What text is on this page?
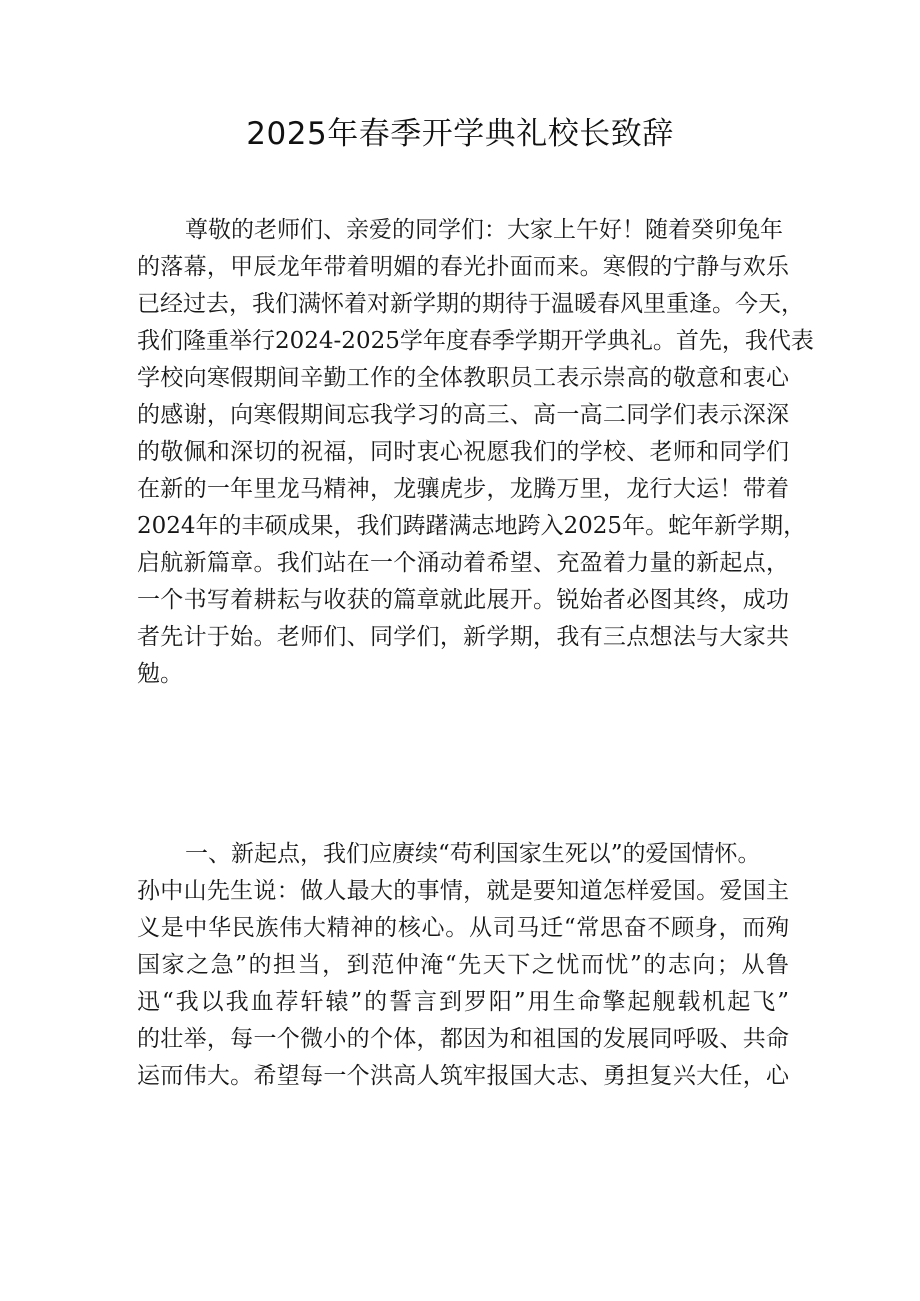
2025年春季开学典礼校长致辞
尊敬的老师们、亲爱的同学们：大家上午好！随着癸卯兔年
的落幕，甲辰龙年带着明媚的春光扑面而来。寒假的宁静与欢乐
已经过去，我们满怀着对新学期的期待于温暖春风里重逢。今天，
我们隆重举行2024-2025学年度春季学期开学典礼。首先，我代表
学校向寒假期间辛勤工作的全体教职员工表示崇高的敬意和衷心
的感谢，向寒假期间忘我学习的高三、高一高二同学们表示深深
的敬佩和深切的祝福，同时衷心祝愿我们的学校、老师和同学们
在新的一年里龙马精神，龙骧虎步，龙腾万里，龙行大运！带着
2024年的丰硕成果，我们踌躇满志地跨入2025年。蛇年新学期，
启航新篇章。我们站在一个涌动着希望、充盈着力量的新起点，
一个书写着耕耘与收获的篇章就此展开。锐始者必图其终，成功
者先计于始。老师们、同学们，新学期，我有三点想法与大家共
勉。
一、新起点，我们应赓续“苟利国家生死以”的爱国情怀。
孙中山先生说：做人最大的事情，就是要知道怎样爱国。爱国主
义是中华民族伟大精神的核心。从司马迁“常思奋不顾身，而殉
国家之急”的担当，到范仲淹“先天下之忧而忧”的志向；从鲁
迅“我以我血荐轩辕”的誓言到罗阳”用生命擎起舰载机起飞”
的壮举，每一个微小的个体，都因为和祖国的发展同呼吸、共命
运而伟大。希望每一个洪高人筑牢报国大志、勇担复兴大任，心
